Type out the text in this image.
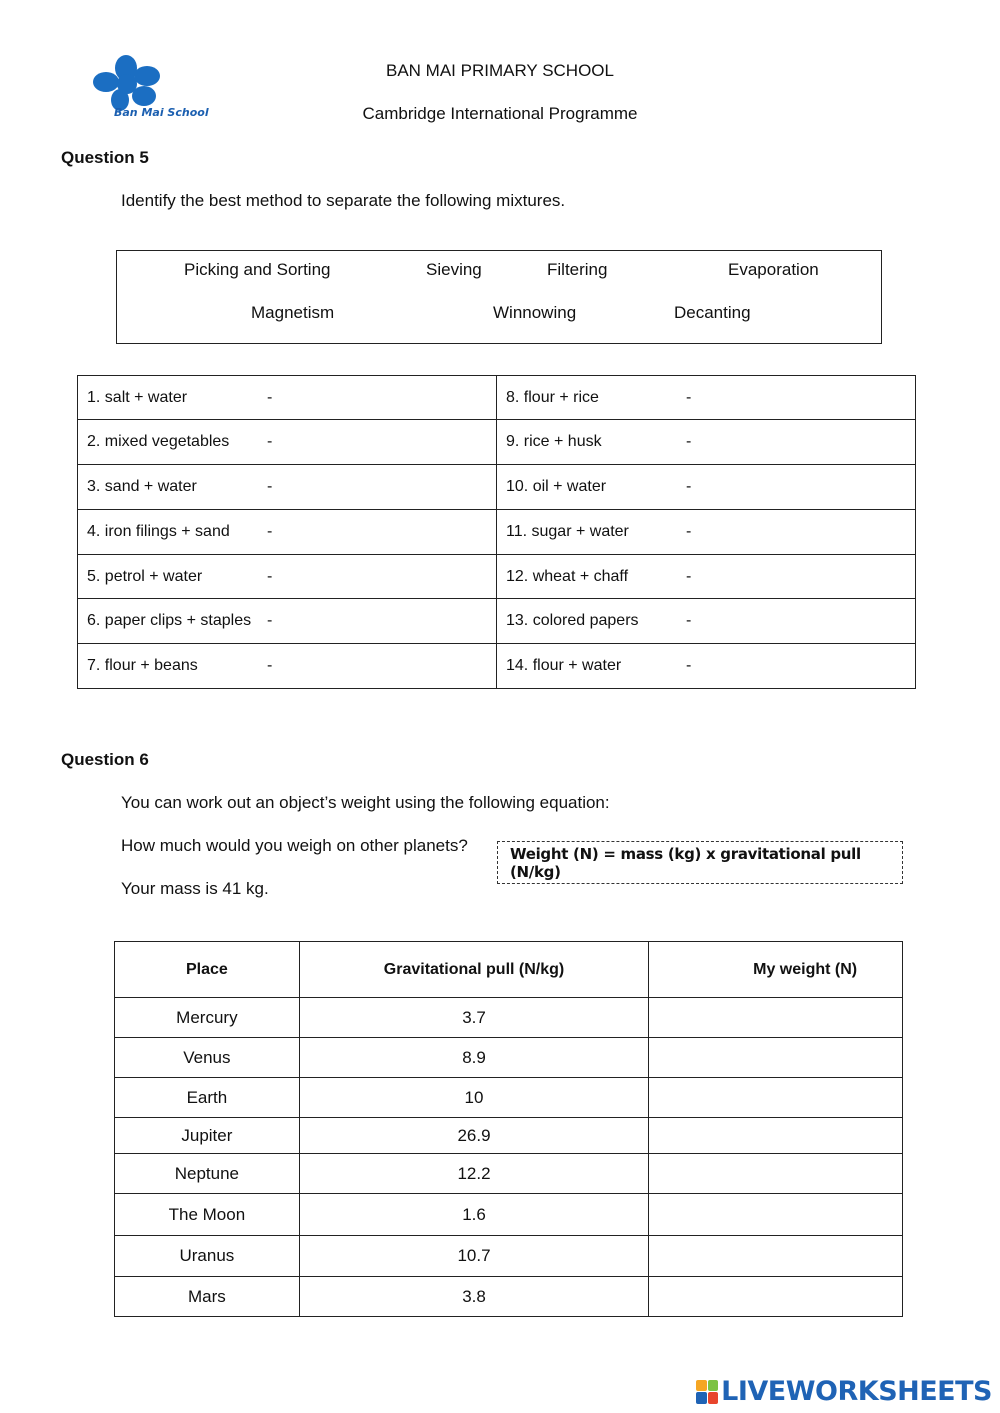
Ban Mai School
BAN MAI PRIMARY SCHOOL
Cambridge International Programme
Question 5
Identify the best method to separate the following mixtures.
Picking and Sorting	Sieving	Filtering	Evaporation
Magnetism	Winnowing	Decanting
1. salt + water -	8. flour + rice -

2. mixed vegetables -	9. rice + husk -

3. sand + water -	10. oil + water -

4. iron filings + sand -	11. sugar + water -

5. petrol + water -	12. wheat + chaff -

6. paper clips + staples -	13. colored papers -

7. flour + beans -	14. flour + water -
Question 6
You can work out an object’s weight using the following equation:
How much would you weigh on other planets?
Your mass is 41 kg.
Weight (N) = mass (kg) x gravitational pull (N/kg)
Place	Gravitational pull (N/kg)	My weight (N)
Mercury	3.7	
Venus	8.9	
Earth	10	
Jupiter	26.9	
Neptune	12.2	
The Moon	1.6	
Uranus	10.7	
Mars	3.8	
LIVEWORKSHEETS
